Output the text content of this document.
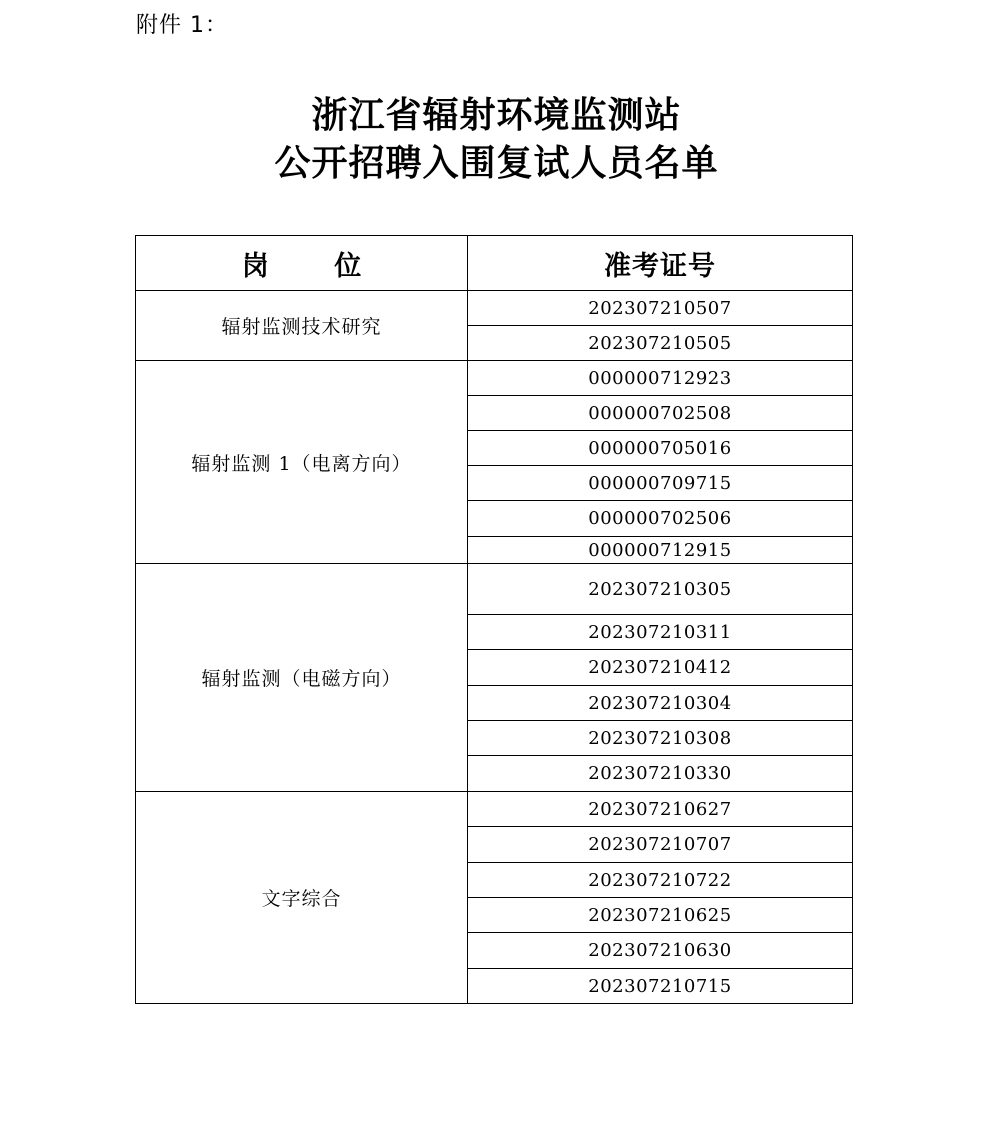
附件 1：
浙江省辐射环境监测站
公开招聘入围复试人员名单
岗 位	准考证号
辐射监测技术研究	202307210507
	202307210505
辐射监测 1（电离方向）	000000712923
	000000702508
	000000705016
	000000709715
	000000702506
	000000712915
辐射监测（电磁方向）	202307210305
	202307210311
	202307210412
	202307210304
	202307210308
	202307210330
文字综合	202307210627
	202307210707
	202307210722
	202307210625
	202307210630
	202307210715
